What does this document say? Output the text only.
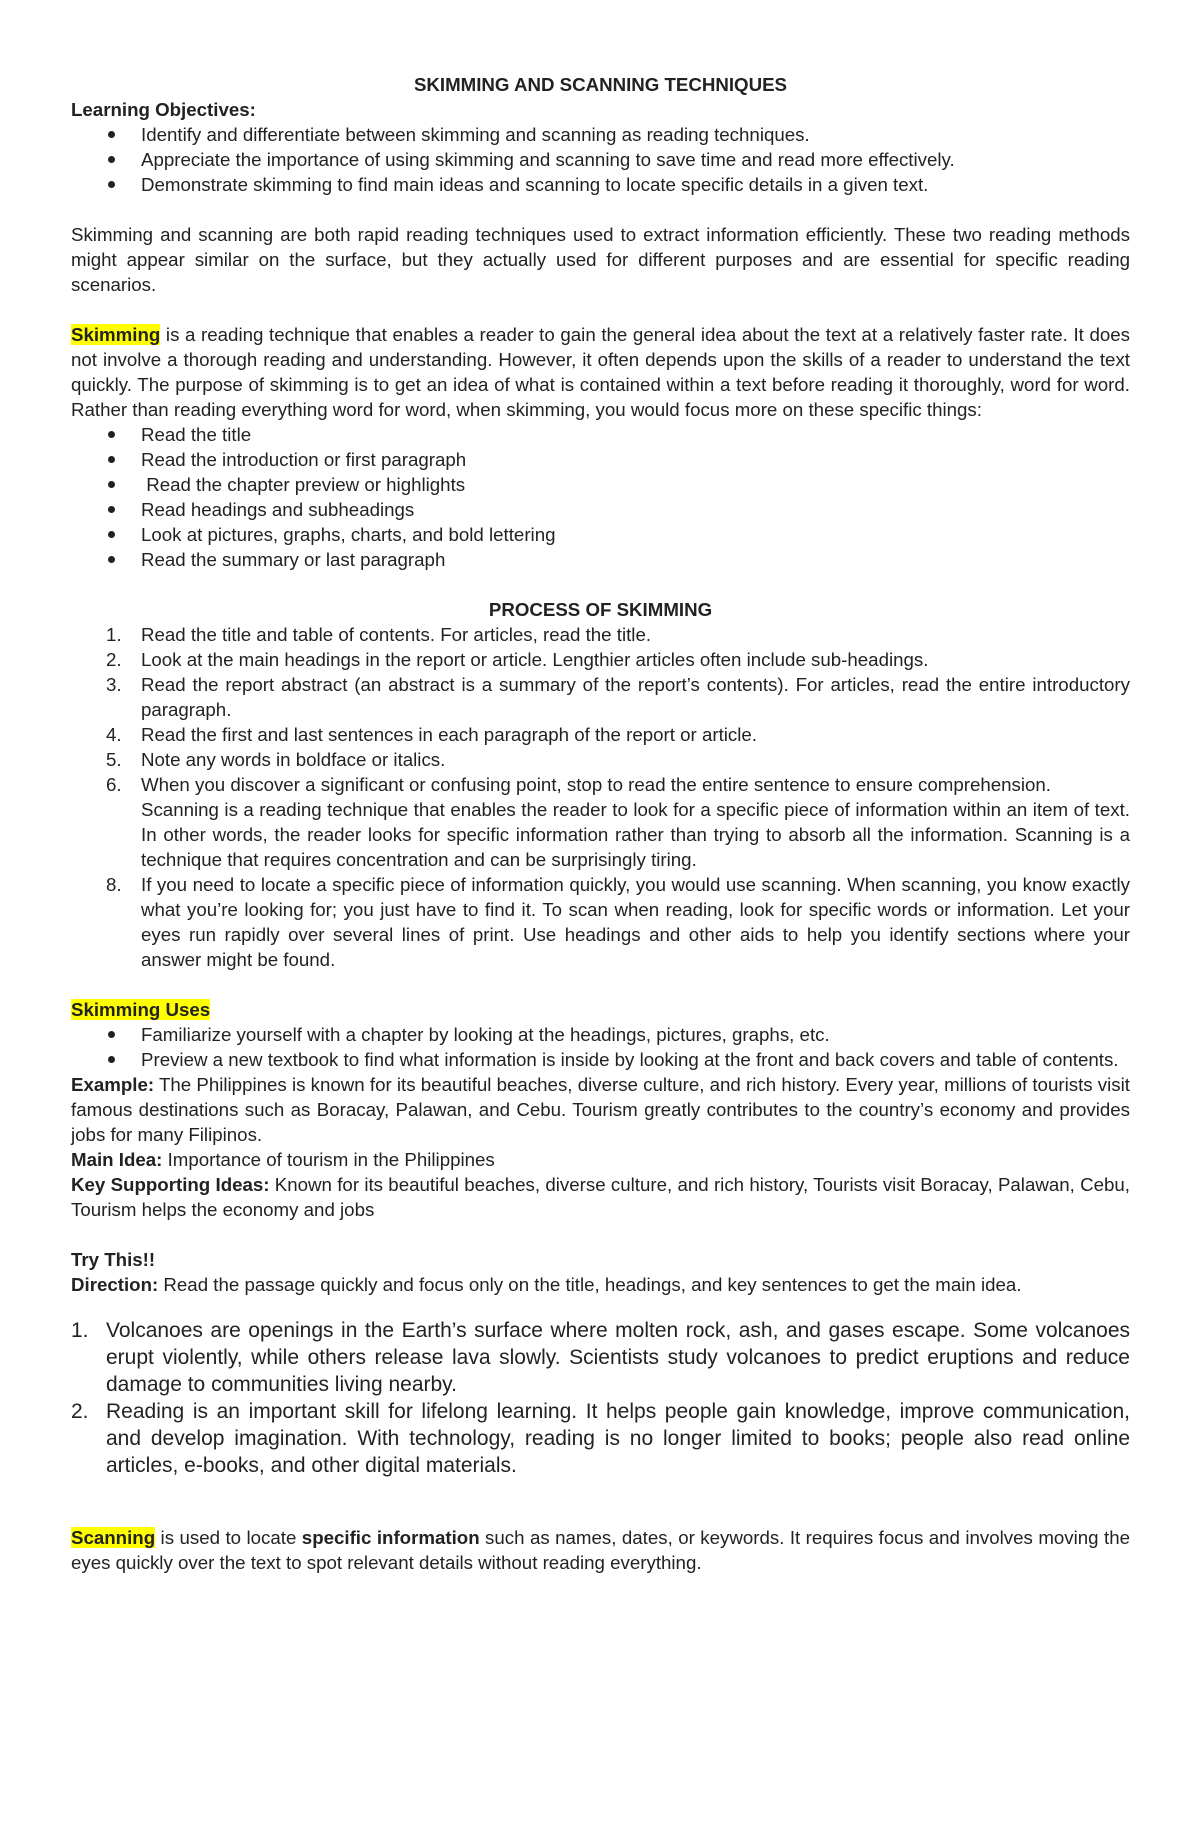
SKIMMING AND SCANNING TECHNIQUES

Learning Objectives:

Identify and differentiate between skimming and scanning as reading techniques.
Appreciate the importance of using skimming and scanning to save time and read more effectively.
Demonstrate skimming to find main ideas and scanning to locate specific details in a given text.

Skimming and scanning are both rapid reading techniques used to extract information efficiently. These two reading methods might appear similar on the surface, but they actually used for different purposes and are essential for specific reading scenarios.

Skimming is a reading technique that enables a reader to gain the general idea about the text at a relatively faster rate. It does not involve a thorough reading and understanding. However, it often depends upon the skills of a reader to understand the text quickly. The purpose of skimming is to get an idea of what is contained within a text before reading it thoroughly, word for word. Rather than reading everything word for word, when skimming, you would focus more on these specific things:

Read the title
Read the introduction or first paragraph
Read the chapter preview or highlights
Read headings and subheadings
Look at pictures, graphs, charts, and bold lettering
Read the summary or last paragraph

PROCESS OF SKIMMING

1. Read the title and table of contents. For articles, read the title.
2. Look at the main headings in the report or article. Lengthier articles often include sub-headings.
3. Read the report abstract (an abstract is a summary of the report’s contents). For articles, read the entire introductory paragraph.
4. Read the first and last sentences in each paragraph of the report or article.
5. Note any words in boldface or italics.
6. When you discover a significant or confusing point, stop to read the entire sentence to ensure comprehension.
Scanning is a reading technique that enables the reader to look for a specific piece of information within an item of text. In other words, the reader looks for specific information rather than trying to absorb all the information. Scanning is a technique that requires concentration and can be surprisingly tiring.
8. If you need to locate a specific piece of information quickly, you would use scanning. When scanning, you know exactly what you’re looking for; you just have to find it. To scan when reading, look for specific words or information. Let your eyes run rapidly over several lines of print. Use headings and other aids to help you identify sections where your answer might be found.

Skimming Uses

Familiarize yourself with a chapter by looking at the headings, pictures, graphs, etc.
Preview a new textbook to find what information is inside by looking at the front and back covers and table of contents.

Example: The Philippines is known for its beautiful beaches, diverse culture, and rich history. Every year, millions of tourists visit famous destinations such as Boracay, Palawan, and Cebu. Tourism greatly contributes to the country’s economy and provides jobs for many Filipinos.

Main Idea: Importance of tourism in the Philippines

Key Supporting Ideas: Known for its beautiful beaches, diverse culture, and rich history, Tourists visit Boracay, Palawan, Cebu, Tourism helps the economy and jobs

Try This!!

Direction: Read the passage quickly and focus only on the title, headings, and key sentences to get the main idea.

1. Volcanoes are openings in the Earth’s surface where molten rock, ash, and gases escape. Some volcanoes erupt violently, while others release lava slowly. Scientists study volcanoes to predict eruptions and reduce damage to communities living nearby.
2. Reading is an important skill for lifelong learning. It helps people gain knowledge, improve communication, and develop imagination. With technology, reading is no longer limited to books; people also read online articles, e-books, and other digital materials.

Scanning is used to locate specific information such as names, dates, or keywords. It requires focus and involves moving the eyes quickly over the text to spot relevant details without reading everything.
